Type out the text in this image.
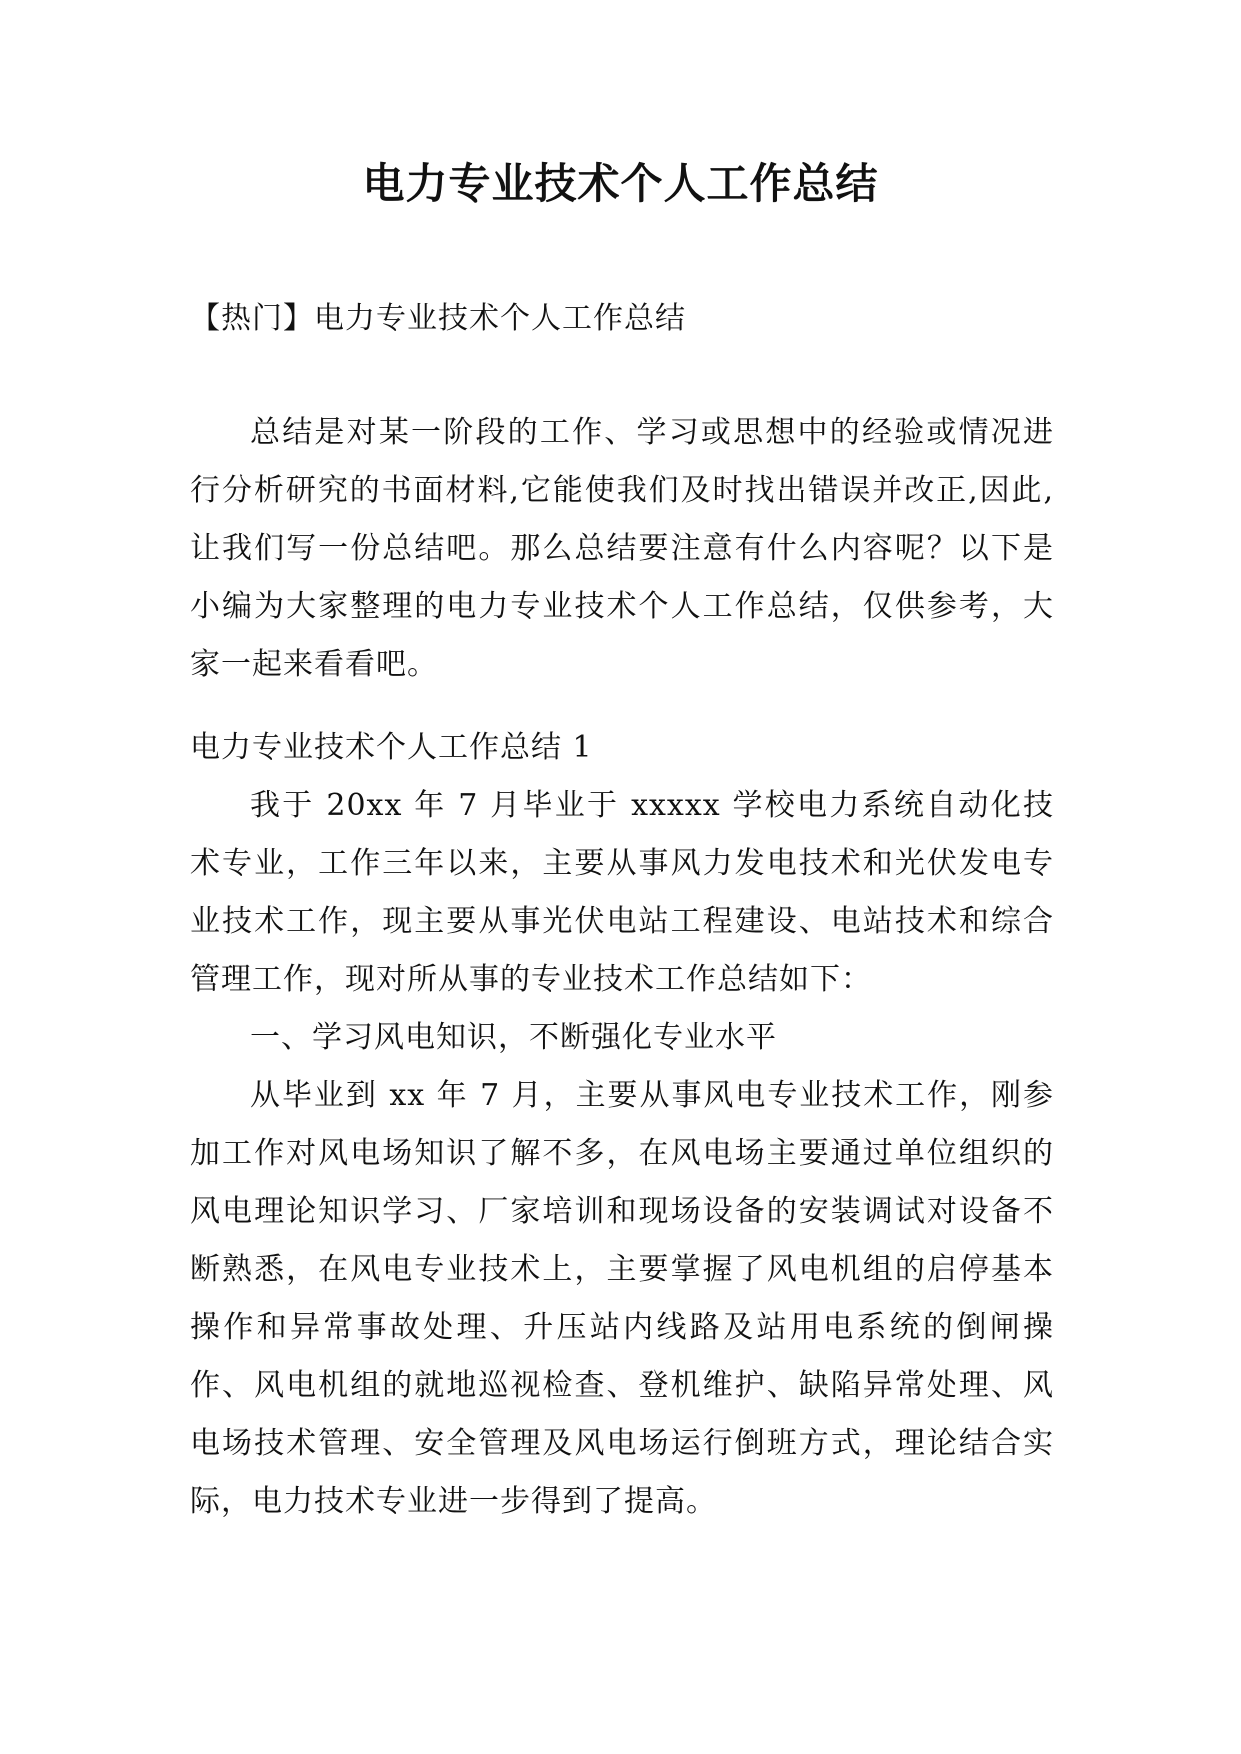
电力专业技术个人工作总结

【热门】电力专业技术个人工作总结

总结是对某一阶段的工作、学习或思想中的经验或情况进行分析研究的书面材料,它能使我们及时找出错误并改正,因此,让我们写一份总结吧。那么总结要注意有什么内容呢？以下是小编为大家整理的电力专业技术个人工作总结，仅供参考，大家一起来看看吧。

电力专业技术个人工作总结 1

我于 20xx 年 7 月毕业于 xxxxx 学校电力系统自动化技术专业，工作三年以来，主要从事风力发电技术和光伏发电专业技术工作，现主要从事光伏电站工程建设、电站技术和综合管理工作，现对所从事的专业技术工作总结如下：

一、学习风电知识，不断强化专业水平

从毕业到 xx 年 7 月，主要从事风电专业技术工作，刚参加工作对风电场知识了解不多，在风电场主要通过单位组织的风电理论知识学习、厂家培训和现场设备的安装调试对设备不断熟悉，在风电专业技术上，主要掌握了风电机组的启停基本操作和异常事故处理、升压站内线路及站用电系统的倒闸操作、风电机组的就地巡视检查、登机维护、缺陷异常处理、风电场技术管理、安全管理及风电场运行倒班方式，理论结合实际，电力技术专业进一步得到了提高。
